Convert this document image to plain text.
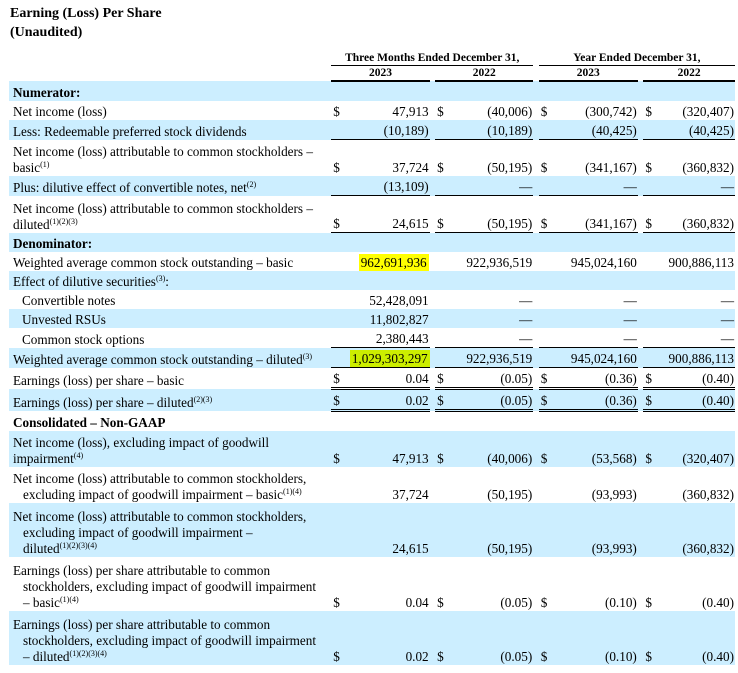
Earning (Loss) Per Share
(Unaudited)
	Three Months Ended December 31,						Year Ended December 31,				
	2023			2022			2023			2022	
Numerator:											
Net income (loss)	$	47,913		$	(40,006)		$	(300,742)		$	(320,407)
Less: Redeemable preferred stock dividends		(10,189)			(10,189)			(40,425)			(40,425)
Net income (loss) attributable to common stockholders –
basic$^{(1)}$	$	37,724		$	(50,195)		$	(341,167)		$	(360,832)
Plus: dilutive effect of convertible notes, net$^{(2)}$		(13,109)			—			—			—
Net income (loss) attributable to common stockholders –
diluted$^{(1)(2)(3)}$	$	24,615		$	(50,195)		$	(341,167)		$	(360,832)
Denominator:											
Weighted average common stock outstanding – basic		962,691,936			922,936,519			945,024,160			900,886,113
Effect of dilutive securities$^{(3)}$:											
Convertible notes		52,428,091			—			—			—
Unvested RSUs		11,802,827			—			—			—
Common stock options		2,380,443			—			—			—
Weighted average common stock outstanding – diluted$^{(3)}$	1,029,303,297				922,936,519			945,024,160			900,886,113
Earnings (loss) per share – basic	$	0.04		$	(0.05)		$	(0.36)		$	(0.40)
Earnings (loss) per share – diluted$^{(2)(3)}$	$	0.02		$	(0.05)		$	(0.36)		$	(0.40)
Consolidated – Non-GAAP											
Net income (loss), excluding impact of goodwill
impairment$^{(4)}$	$	47,913		$	(40,006)		$	(53,568)		$	(320,407)
Net income (loss) attributable to common stockholders,
excluding impact of goodwill impairment – basic$^{(1)(4)}$		37,724			(50,195)			(93,993)			(360,832)
Net income (loss) attributable to common stockholders,
excluding impact of goodwill impairment –
diluted$^{(1)(2)(3)(4)}$		24,615			(50,195)			(93,993)			(360,832)
Earnings (loss) per share attributable to common
stockholders, excluding impact of goodwill impairment
– basic$^{(1)(4)}$	$	0.04		$	(0.05)		$	(0.10)		$	(0.40)
Earnings (loss) per share attributable to common
stockholders, excluding impact of goodwill impairment
– diluted$^{(1)(2)(3)(4)}$	$	0.02		$	(0.05)		$	(0.10)		$	(0.40)
